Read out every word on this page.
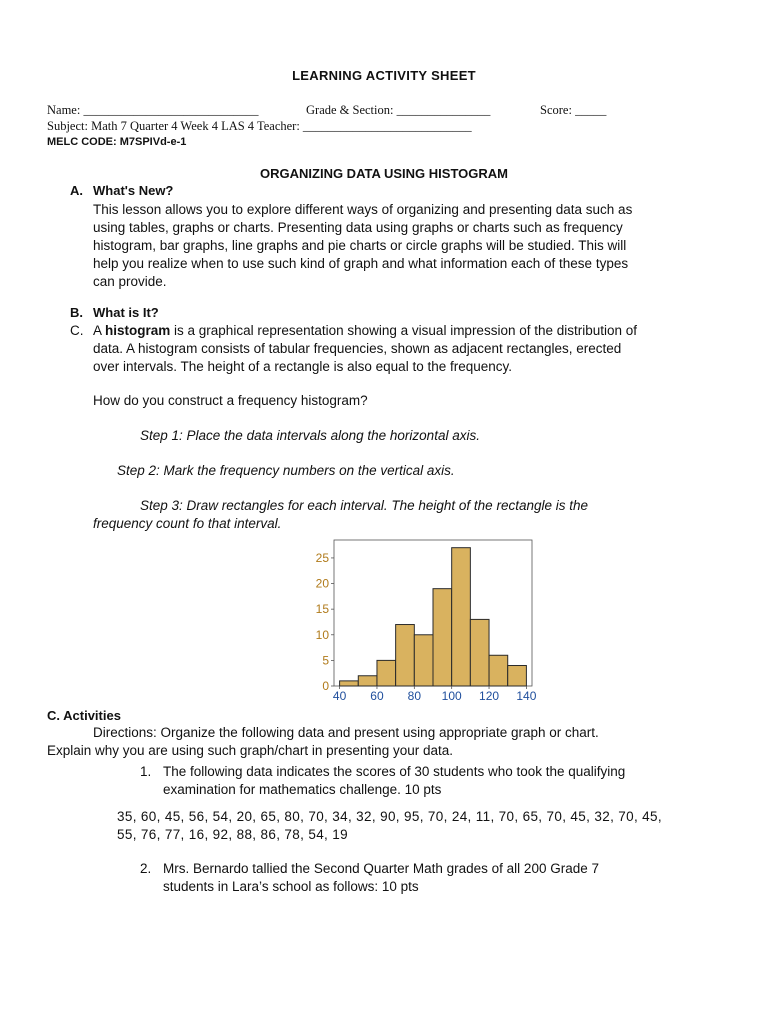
LEARNING ACTIVITY SHEET
Name: ____________________________	Grade & Section: _______________	Score: _____
Subject: Math 7 Quarter 4 Week 4 LAS 4 Teacher: ___________________________
MELC CODE: M7SPIVd-e-1
ORGANIZING DATA USING HISTOGRAM
A. What's New?
This lesson allows you to explore different ways of organizing and presenting data such as
using tables, graphs or charts. Presenting data using graphs or charts such as frequency
histogram, bar graphs, line graphs and pie charts or circle graphs will be studied. This will
help you realize when to use such kind of graph and what information each of these types
can provide.
B. What is It?
C. A histogram is a graphical representation showing a visual impression of the distribution of
data. A histogram consists of tabular frequencies, shown as adjacent rectangles, erected
over intervals. The height of a rectangle is also equal to the frequency.
How do you construct a frequency histogram?
Step 1: Place the data intervals along the horizontal axis.
Step 2: Mark the frequency numbers on the vertical axis.
Step 3: Draw rectangles for each interval. The height of the rectangle is the
frequency count fo that interval.
0
5
10
15
20
25
40 60 80 100 120 140
C. Activities
Directions: Organize the following data and present using appropriate graph or chart.
Explain why you are using such graph/chart in presenting your data.
1. The following data indicates the scores of 30 students who took the qualifying
examination for mathematics challenge. 10 pts
35, 60, 45, 56, 54, 20, 65, 80, 70, 34, 32, 90, 95, 70, 24, 11, 70, 65, 70, 45, 32, 70, 45,
55, 76, 77, 16, 92, 88, 86, 78, 54, 19
2. Mrs. Bernardo tallied the Second Quarter Math grades of all 200 Grade 7
students in Lara’s school as follows: 10 pts
